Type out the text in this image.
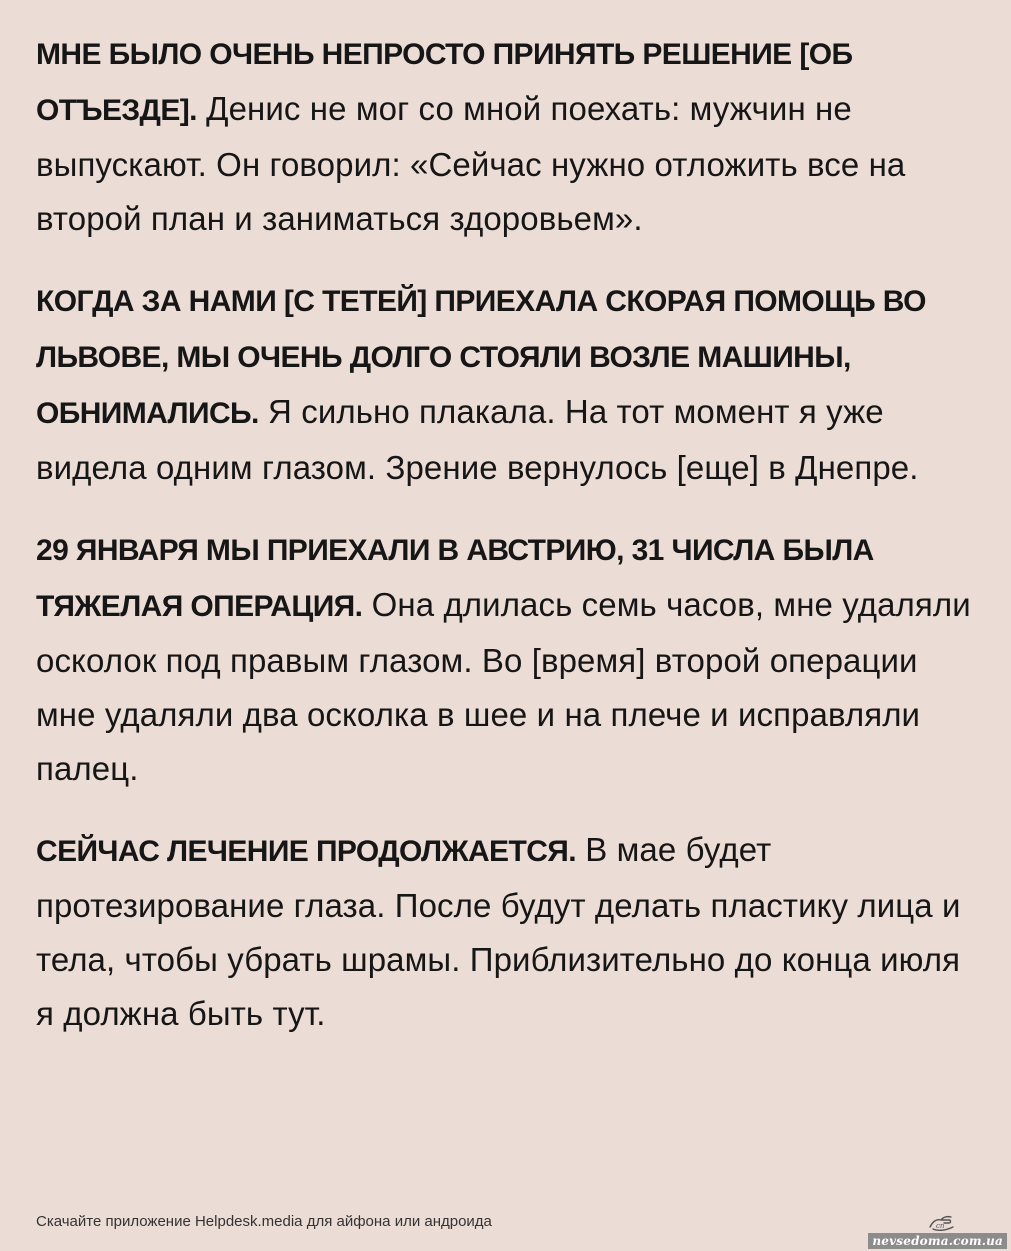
МНЕ БЫЛО ОЧЕНЬ НЕПРОСТО ПРИНЯТЬ РЕШЕНИЕ [ОБ ОТЪЕЗДЕ]. Денис не мог со мной поехать: мужчин не выпускают. Он говорил: «Сейчас нужно отложить все на второй план и заниматься здоровьем».

КОГДА ЗА НАМИ [С ТЕТЕЙ] ПРИЕХАЛА СКОРАЯ ПОМОЩЬ ВО ЛЬВОВЕ, МЫ ОЧЕНЬ ДОЛГО СТОЯЛИ ВОЗЛЕ МАШИНЫ, ОБНИМАЛИСЬ. Я сильно плакала. На тот момент я уже видела одним глазом. Зрение вернулось [еще] в Днепре.

29 ЯНВАРЯ МЫ ПРИЕХАЛИ В АВСТРИЮ, 31 ЧИСЛА БЫЛА ТЯЖЕЛАЯ ОПЕРАЦИЯ. Она длилась семь часов, мне удаляли осколок под правым глазом. Во [время] второй операции мне удаляли два осколка в шее и на плече и исправляли палец.

СЕЙЧАС ЛЕЧЕНИЕ ПРОДОЛЖАЕТСЯ. В мае будет протезирование глаза. После будут делать пластику лица и тела, чтобы убрать шрамы. Приблизительно до конца июля я должна быть тут.

Скачайте приложение Helpdesk.media для айфона или андроида	сп
nevsedoma.com.ua
